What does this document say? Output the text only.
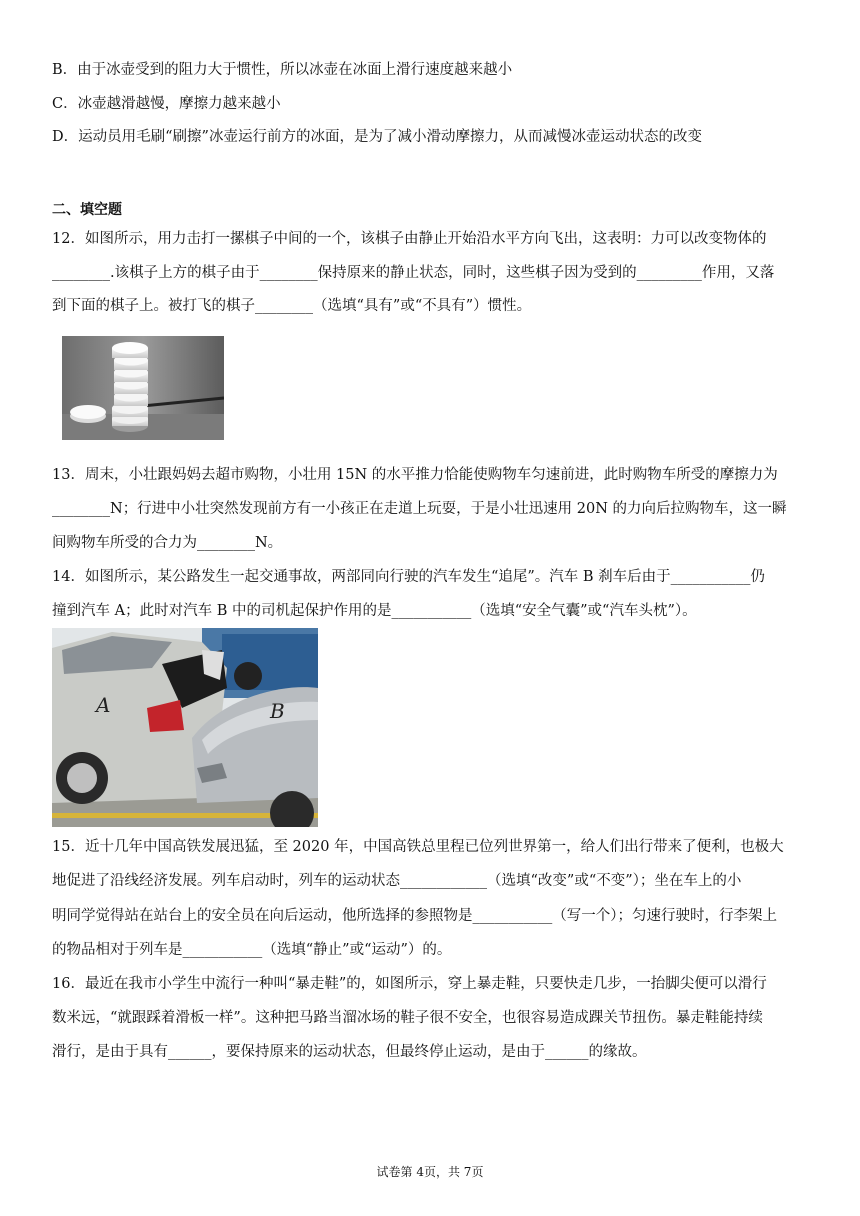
B．由于冰壶受到的阻力大于惯性，所以冰壶在冰面上滑行速度越来越小
C．冰壶越滑越慢，摩擦力越来越小
D．运动员用毛刷“刷擦”冰壶运行前方的冰面，是为了减小滑动摩擦力，从而减慢冰壶运动状态的改变
二、填空题
12．如图所示，用力击打一摞棋子中间的一个，该棋子由静止开始沿水平方向飞出，这表明：力可以改变物体的
________.该棋子上方的棋子由于________保持原来的静止状态，同时，这些棋子因为受到的_________作用，又落
到下面的棋子上。被打飞的棋子________（选填“具有”或“不具有”）惯性。
13．周末，小壮跟妈妈去超市购物，小壮用 15N 的水平推力恰能使购物车匀速前进，此时购物车所受的摩擦力为
________N；行进中小壮突然发现前方有一小孩正在走道上玩耍，于是小壮迅速用 20N 的力向后拉购物车，这一瞬
间购物车所受的合力为________N。
14．如图所示，某公路发生一起交通事故，两部同向行驶的汽车发生“追尾”。汽车 B 刹车后由于___________仍
撞到汽车 A；此时对汽车 B 中的司机起保护作用的是___________（选填“安全气囊”或“汽车头枕”）。
A	B
15．近十几年中国高铁发展迅猛，至 2020 年，中国高铁总里程已位列世界第一，给人们出行带来了便利，也极大
地促进了沿线经济发展。列车启动时，列车的运动状态____________（选填“改变”或“不变”）；坐在车上的小
明同学觉得站在站台上的安全员在向后运动，他所选择的参照物是___________（写一个）；匀速行驶时，行李架上
的物品相对于列车是___________（选填“静止”或“运动”）的。
16．最近在我市小学生中流行一种叫“暴走鞋”的，如图所示，穿上暴走鞋，只要快走几步，一抬脚尖便可以滑行
数米远，“就跟踩着滑板一样”。这种把马路当溜冰场的鞋子很不安全，也很容易造成踝关节扭伤。暴走鞋能持续
滑行，是由于具有______，要保持原来的运动状态，但最终停止运动，是由于______的缘故。
试卷第 4页，共 7页
